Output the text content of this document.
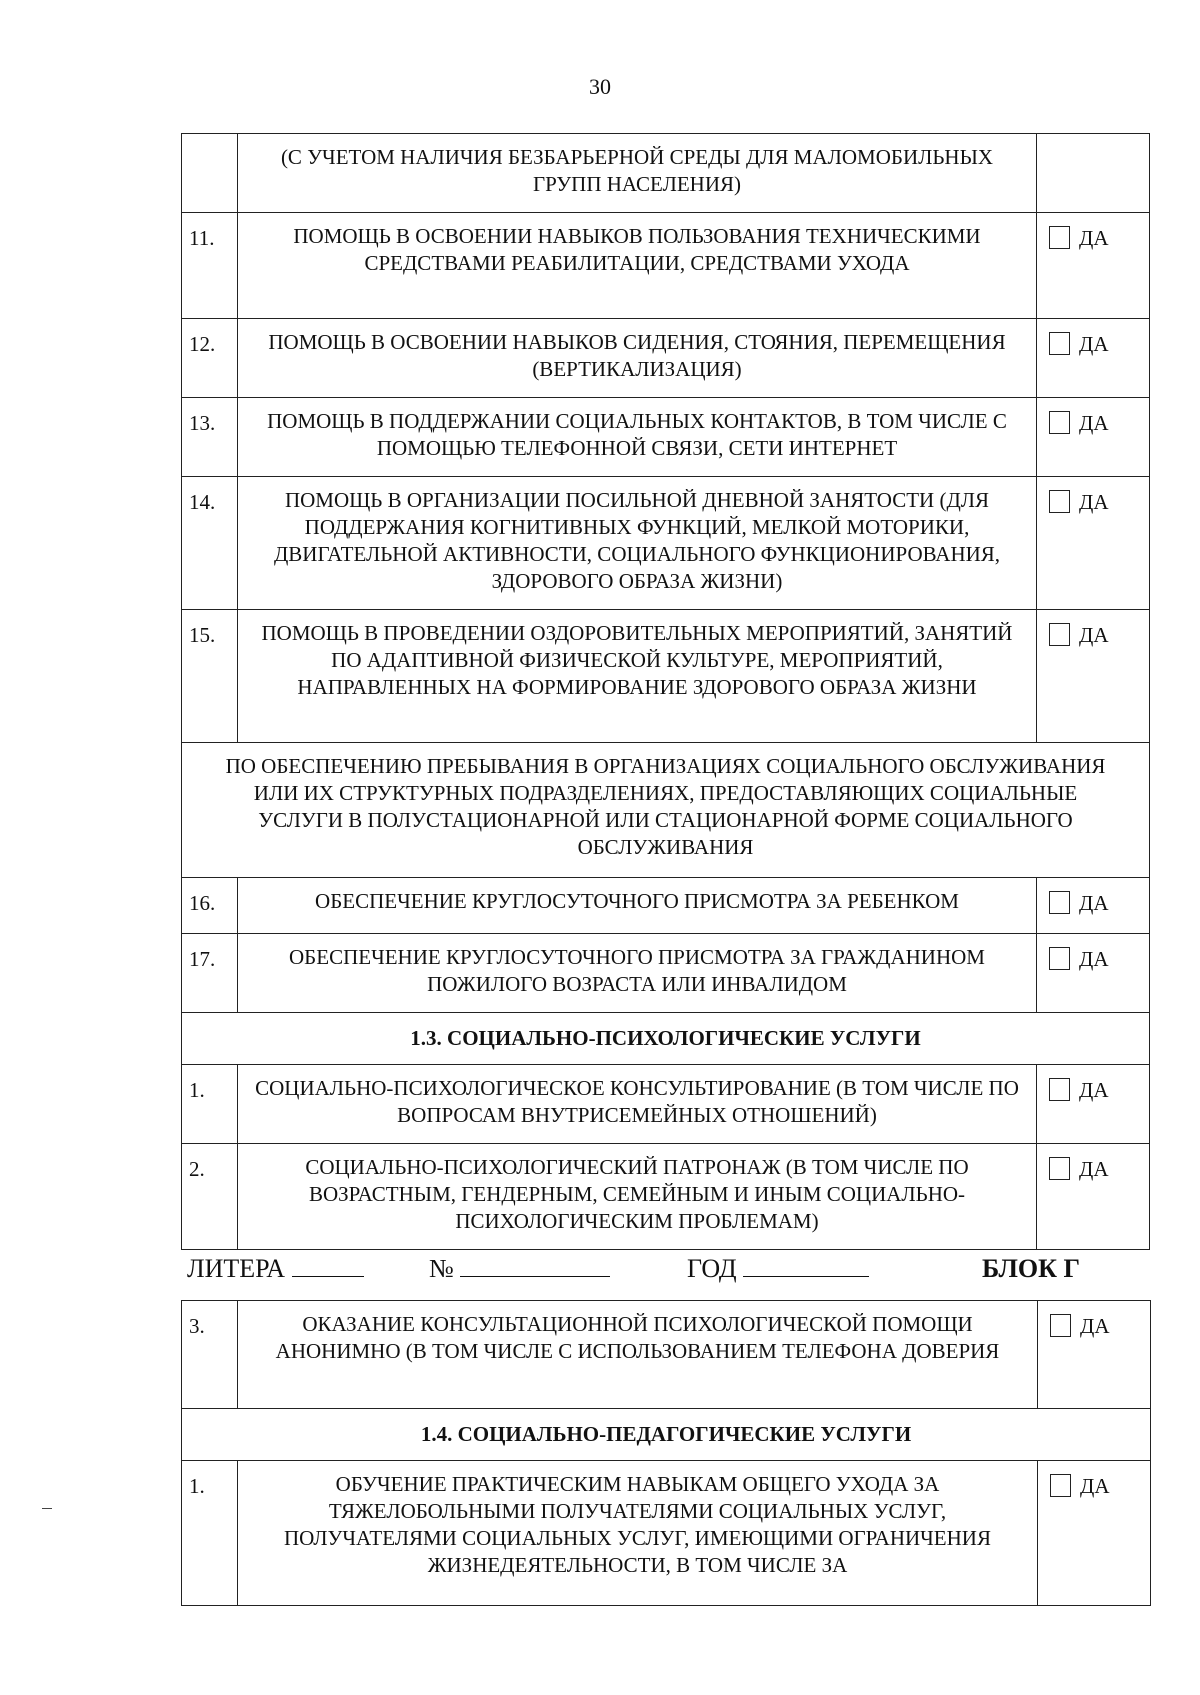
30
	(С УЧЕТОМ НАЛИЧИЯ БЕЗБАРЬЕРНОЙ СРЕДЫ ДЛЯ МАЛОМОБИЛЬНЫХ ГРУПП НАСЕЛЕНИЯ)	
11.	ПОМОЩЬ В ОСВОЕНИИ НАВЫКОВ ПОЛЬЗОВАНИЯ ТЕХНИЧЕСКИМИ СРЕДСТВАМИ РЕАБИЛИТАЦИИ, СРЕДСТВАМИ УХОДА	ДА
12.	ПОМОЩЬ В ОСВОЕНИИ НАВЫКОВ СИДЕНИЯ, СТОЯНИЯ, ПЕРЕМЕЩЕНИЯ (ВЕРТИКАЛИЗАЦИЯ)	ДА
13.	ПОМОЩЬ В ПОДДЕРЖАНИИ СОЦИАЛЬНЫХ КОНТАКТОВ, В ТОМ ЧИСЛЕ С ПОМОЩЬЮ ТЕЛЕФОННОЙ СВЯЗИ, СЕТИ ИНТЕРНЕТ	ДА
14.	ПОМОЩЬ В ОРГАНИЗАЦИИ ПОСИЛЬНОЙ ДНЕВНОЙ ЗАНЯТОСТИ (ДЛЯ ПОДДЕРЖАНИЯ КОГНИТИВНЫХ ФУНКЦИЙ, МЕЛКОЙ МОТОРИКИ, ДВИГАТЕЛЬНОЙ АКТИВНОСТИ, СОЦИАЛЬНОГО ФУНКЦИОНИРОВАНИЯ, ЗДОРОВОГО ОБРАЗА ЖИЗНИ)	ДА
15.	ПОМОЩЬ В ПРОВЕДЕНИИ ОЗДОРОВИТЕЛЬНЫХ МЕРОПРИЯТИЙ, ЗАНЯТИЙ ПО АДАПТИВНОЙ ФИЗИЧЕСКОЙ КУЛЬТУРЕ, МЕРОПРИЯТИЙ, НАПРАВЛЕННЫХ НА ФОРМИРОВАНИЕ ЗДОРОВОГО ОБРАЗА ЖИЗНИ	ДА
ПО ОБЕСПЕЧЕНИЮ ПРЕБЫВАНИЯ В ОРГАНИЗАЦИЯХ СОЦИАЛЬНОГО ОБСЛУЖИВАНИЯ ИЛИ ИХ СТРУКТУРНЫХ ПОДРАЗДЕЛЕНИЯХ, ПРЕДОСТАВЛЯЮЩИХ СОЦИАЛЬНЫЕ УСЛУГИ В ПОЛУСТАЦИОНАРНОЙ ИЛИ СТАЦИОНАРНОЙ ФОРМЕ СОЦИАЛЬНОГО ОБСЛУЖИВАНИЯ		
16.	ОБЕСПЕЧЕНИЕ КРУГЛОСУТОЧНОГО ПРИСМОТРА ЗА РЕБЕНКОМ	ДА
17.	ОБЕСПЕЧЕНИЕ КРУГЛОСУТОЧНОГО ПРИСМОТРА ЗА ГРАЖДАНИНОМ ПОЖИЛОГО ВОЗРАСТА ИЛИ ИНВАЛИДОМ	ДА
1.3. СОЦИАЛЬНО-ПСИХОЛОГИЧЕСКИЕ УСЛУГИ		
1.	СОЦИАЛЬНО-ПСИХОЛОГИЧЕСКОЕ КОНСУЛЬТИРОВАНИЕ (В ТОМ ЧИСЛЕ ПО ВОПРОСАМ ВНУТРИСЕМЕЙНЫХ ОТНОШЕНИЙ)	ДА
2.	СОЦИАЛЬНО-ПСИХОЛОГИЧЕСКИЙ ПАТРОНАЖ (В ТОМ ЧИСЛЕ ПО ВОЗРАСТНЫМ, ГЕНДЕРНЫМ, СЕМЕЙНЫМ И ИНЫМ СОЦИАЛЬНО-ПСИХОЛОГИЧЕСКИМ ПРОБЛЕМАМ)	ДА
ЛИТЕРА	№	ГОД	БЛОК Г
3.	ОКАЗАНИЕ КОНСУЛЬТАЦИОННОЙ ПСИХОЛОГИЧЕСКОЙ ПОМОЩИ АНОНИМНО (В ТОМ ЧИСЛЕ С ИСПОЛЬЗОВАНИЕМ ТЕЛЕФОНА ДОВЕРИЯ	ДА
1.4. СОЦИАЛЬНО-ПЕДАГОГИЧЕСКИЕ УСЛУГИ		
1.	ОБУЧЕНИЕ ПРАКТИЧЕСКИМ НАВЫКАМ ОБЩЕГО УХОДА ЗА ТЯЖЕЛОБОЛЬНЫМИ ПОЛУЧАТЕЛЯМИ СОЦИАЛЬНЫХ УСЛУГ, ПОЛУЧАТЕЛЯМИ СОЦИАЛЬНЫХ УСЛУГ, ИМЕЮЩИМИ ОГРАНИЧЕНИЯ ЖИЗНЕДЕЯТЕЛЬНОСТИ, В ТОМ ЧИСЛЕ ЗА	ДА
